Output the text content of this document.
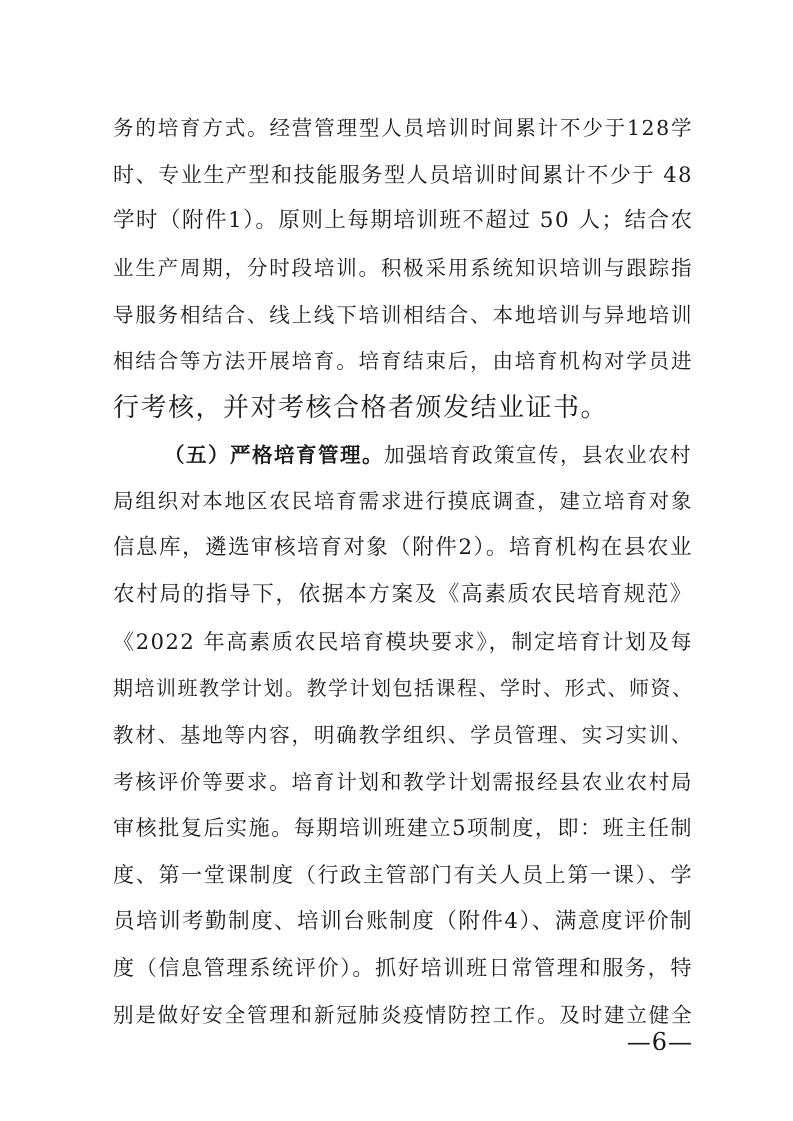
务的培育方式。经营管理型人员培训时间累计不少于128学
时、专业生产型和技能服务型人员培训时间累计不少于 48
学时（附件1）。原则上每期培训班不超过 50 人；结合农
业生产周期，分时段培训。积极采用系统知识培训与跟踪指
导服务相结合、线上线下培训相结合、本地培训与异地培训
相结合等方法开展培育。培育结束后，由培育机构对学员进
行考核，并对考核合格者颁发结业证书。
（五）严格培育管理。加强培育政策宣传，县农业农村
局组织对本地区农民培育需求进行摸底调查，建立培育对象
信息库，遴选审核培育对象（附件2）。培育机构在县农业
农村局的指导下，依据本方案及《高素质农民培育规范》
《2022 年高素质农民培育模块要求》，制定培育计划及每
期培训班教学计划。教学计划包括课程、学时、形式、师资、
教材、基地等内容，明确教学组织、学员管理、实习实训、
考核评价等要求。培育计划和教学计划需报经县农业农村局
审核批复后实施。每期培训班建立5项制度，即：班主任制
度、第一堂课制度（行政主管部门有关人员上第一课）、学
员培训考勤制度、培训台账制度（附件4）、满意度评价制
度（信息管理系统评价）。抓好培训班日常管理和服务，特
别是做好安全管理和新冠肺炎疫情防控工作。及时建立健全
—6—
